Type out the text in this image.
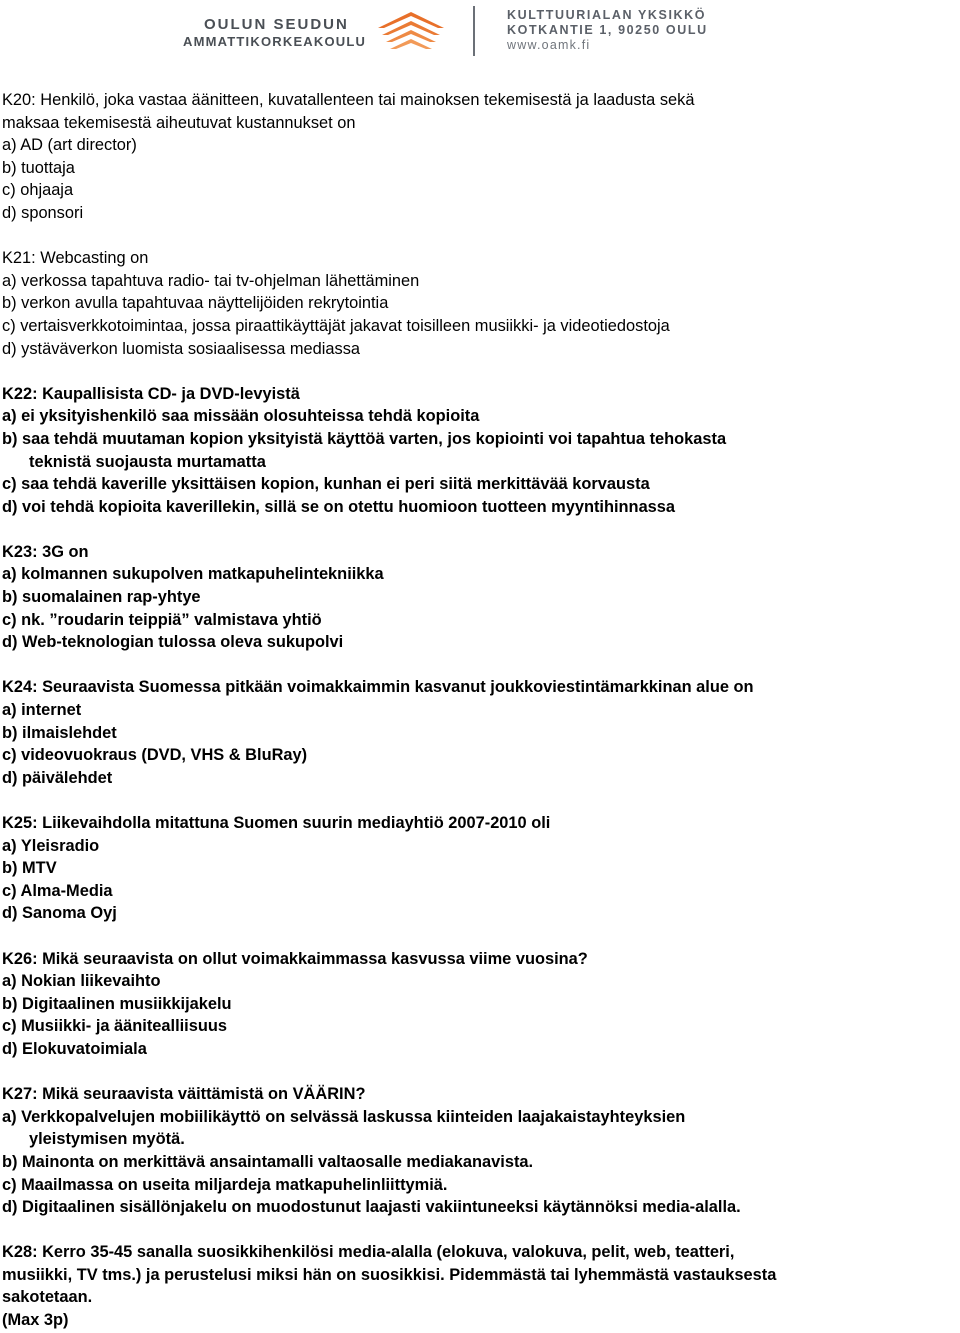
OULUN SEUDUN
AMMATTIKORKEAKOULU
KULTTUURIALAN YKSIKKÖ
KOTKANTIE 1, 90250 OULU
www.oamk.fi
K20: Henkilö, joka vastaa äänitteen, kuvatallenteen tai mainoksen tekemisestä ja laadusta sekä
maksaa tekemisestä aiheutuvat kustannukset on
a) AD (art director)
b) tuottaja
c) ohjaaja
d) sponsori
K21: Webcasting on
a) verkossa tapahtuva radio- tai tv-ohjelman lähettäminen
b) verkon avulla tapahtuvaa näyttelijöiden rekrytointia
c) vertaisverkkotoimintaa, jossa piraattikäyttäjät jakavat toisilleen musiikki- ja videotiedostoja
d) ystäväverkon luomista sosiaalisessa mediassa
K22: Kaupallisista CD- ja DVD-levyistä
a) ei yksityishenkilö saa missään olosuhteissa tehdä kopioita
b) saa tehdä muutaman kopion yksityistä käyttöä varten, jos kopiointi voi tapahtua tehokasta
teknistä suojausta murtamatta
c) saa tehdä kaverille yksittäisen kopion, kunhan ei peri siitä merkittävää korvausta
d) voi tehdä kopioita kaverillekin, sillä se on otettu huomioon tuotteen myyntihinnassa
K23: 3G on
a) kolmannen sukupolven matkapuhelintekniikka
b) suomalainen rap-yhtye
c) nk. ”roudarin teippiä” valmistava yhtiö
d) Web-teknologian tulossa oleva sukupolvi
K24: Seuraavista Suomessa pitkään voimakkaimmin kasvanut joukkoviestintämarkkinan alue on
a) internet
b) ilmaislehdet
c) videovuokraus (DVD, VHS & BluRay)
d) päivälehdet
K25: Liikevaihdolla mitattuna Suomen suurin mediayhtiö 2007-2010 oli
a) Yleisradio
b) MTV
c) Alma-Media
d) Sanoma Oyj
K26: Mikä seuraavista on ollut voimakkaimmassa kasvussa viime vuosina?
a) Nokian liikevaihto
b) Digitaalinen musiikkijakelu
c) Musiikki- ja äänitealliisuus
d) Elokuvatoimiala
K27: Mikä seuraavista väittämistä on VÄÄRIN?
a) Verkkopalvelujen mobiilikäyttö on selvässä laskussa kiinteiden laajakaistayhteyksien
yleistymisen myötä.
b) Mainonta on merkittävä ansaintamalli valtaosalle mediakanavista.
c) Maailmassa on useita miljardeja matkapuhelinliittymiä.
d) Digitaalinen sisällönjakelu on muodostunut laajasti vakiintuneeksi käytännöksi media-alalla.
K28: Kerro 35-45 sanalla suosikkihenkilösi media-alalla (elokuva, valokuva, pelit, web, teatteri,
musiikki, TV tms.) ja perustelusi miksi hän on suosikkisi. Pidemmästä tai lyhemmästä vastauksesta
sakotetaan.
(Max 3p)
